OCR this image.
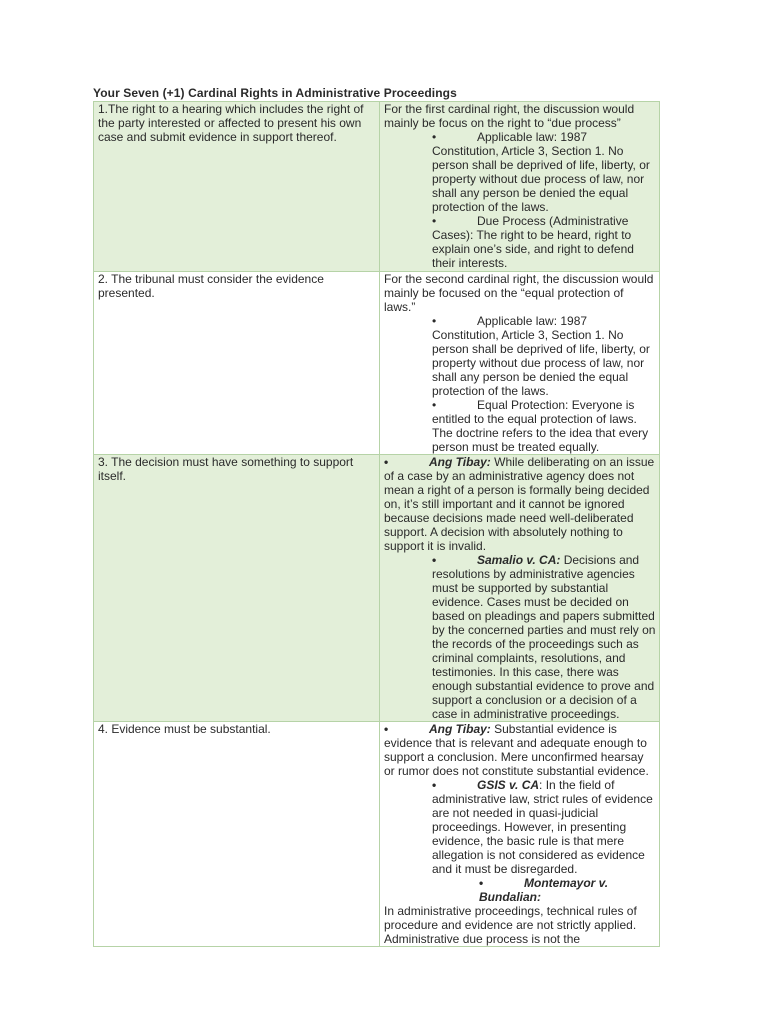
Your Seven (+1) Cardinal Rights in Administrative Proceedings
1.The right to a hearing which includes the right of the party interested or affected to present his own case and submit evidence in support thereof.	For the first cardinal right, the discussion would mainly be focus on the right to “due process”
• Applicable law: 1987 Constitution, Article 3, Section 1. No person shall be deprived of life, liberty, or property without due process of law, nor shall any person be denied the equal protection of the laws.
• Due Process (Administrative Cases): The right to be heard, right to explain one’s side, and right to defend their interests.

2. The tribunal must consider the evidence presented.	For the second cardinal right, the discussion would mainly be focused on the “equal protection of laws.”
• Applicable law: 1987 Constitution, Article 3, Section 1. No person shall be deprived of life, liberty, or property without due process of law, nor shall any person be denied the equal protection of the laws.
• Equal Protection: Everyone is entitled to the equal protection of laws. The doctrine refers to the idea that every person must be treated equally.

3. The decision must have something to support itself.	• Ang Tibay: While deliberating on an issue of a case by an administrative agency does not mean a right of a person is formally being decided on, it’s still important and it cannot be ignored because decisions made need well-deliberated support. A decision with absolutely nothing to support it is invalid.
• Samalio v. CA: Decisions and resolutions by administrative agencies must be supported by substantial evidence. Cases must be decided on based on pleadings and papers submitted by the concerned parties and must rely on the records of the proceedings such as criminal complaints, resolutions, and testimonies. In this case, there was enough substantial evidence to prove and support a conclusion or a decision of a case in administrative proceedings.

4. Evidence must be substantial.	• Ang Tibay: Substantial evidence is evidence that is relevant and adequate enough to support a conclusion. Mere unconfirmed hearsay or rumor does not constitute substantial evidence.
• GSIS v. CA: In the field of administrative law, strict rules of evidence are not needed in quasi-judicial proceedings. However, in presenting evidence, the basic rule is that mere allegation is not considered as evidence and it must be disregarded.
• Montemayor v. Bundalian:
In administrative proceedings, technical rules of procedure and evidence are not strictly applied. Administrative due process is not the
